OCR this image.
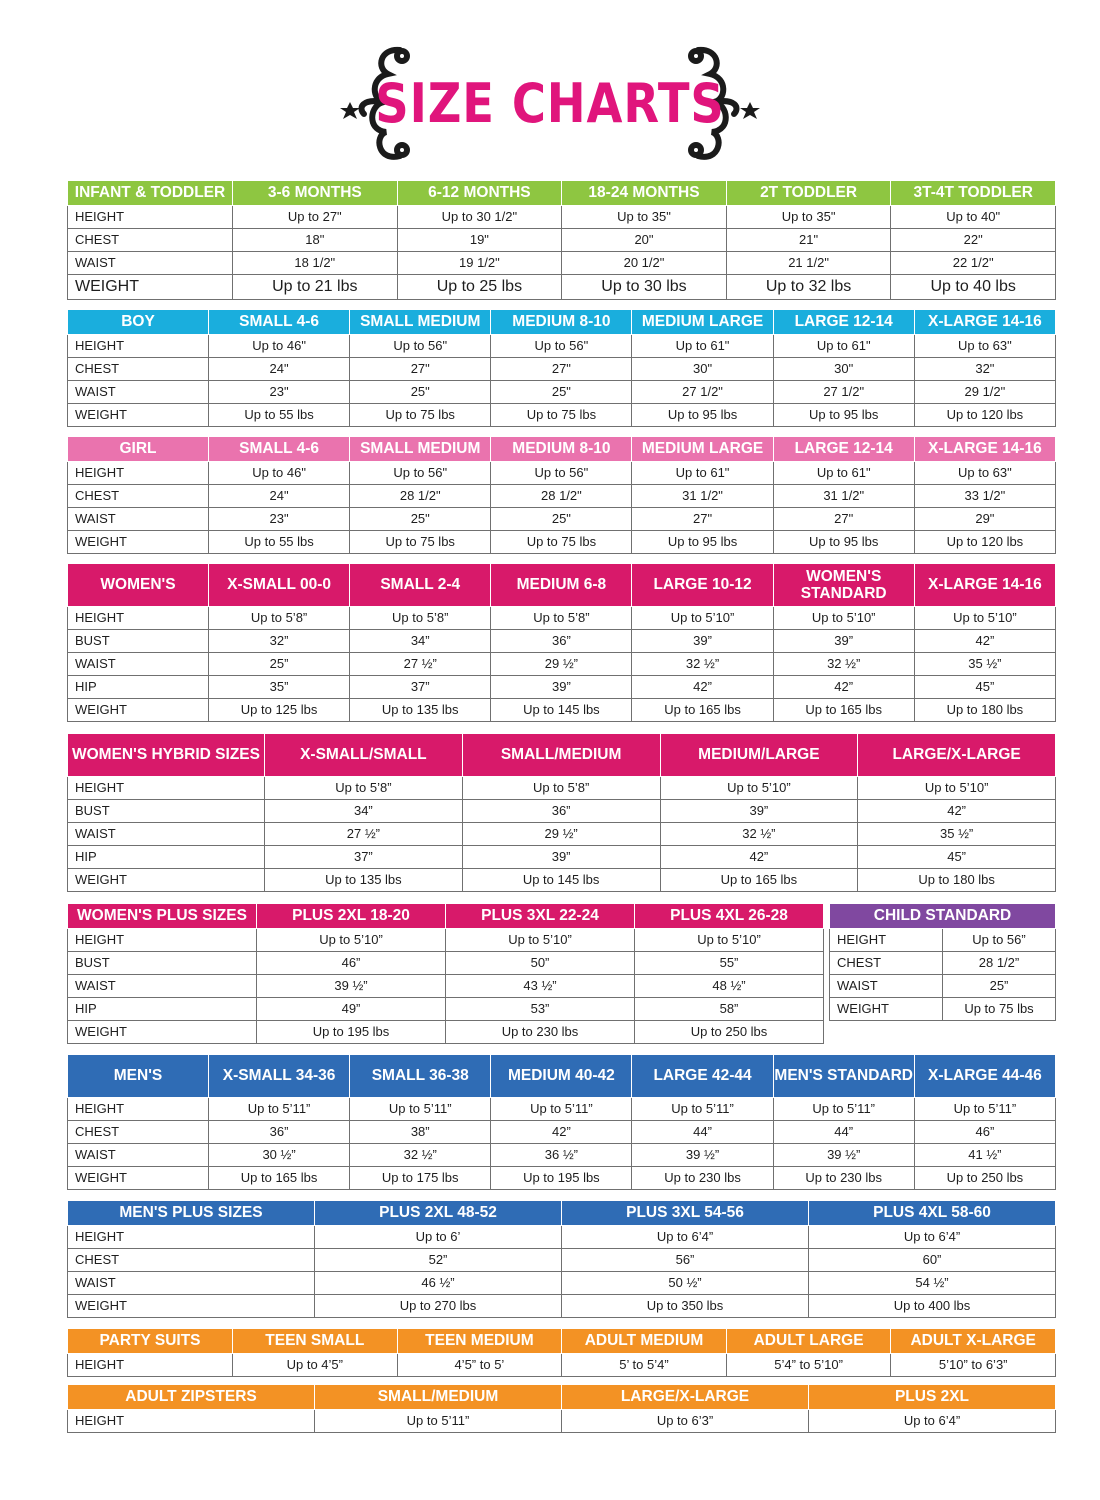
SIZE CHARTS
INFANT & TODDLER	3-6 MONTHS	6-12 MONTHS	18-24 MONTHS	2T TODDLER	3T-4T TODDLER
HEIGHT	Up to 27"	Up to 30 1/2"	Up to 35"	Up to 35"	Up to 40"
CHEST	18"	19"	20"	21"	22"
WAIST	18 1/2"	19 1/2"	20 1/2"	21 1/2"	22 1/2"
WEIGHT	Up to 21 lbs	Up to 25 lbs	Up to 30 lbs	Up to 32 lbs	Up to 40 lbs
BOY	SMALL 4-6	SMALL MEDIUM	MEDIUM 8-10	MEDIUM LARGE	LARGE 12-14	X-LARGE 14-16
HEIGHT	Up to 46"	Up to 56"	Up to 56"	Up to 61"	Up to 61"	Up to 63"
CHEST	24"	27"	27"	30"	30"	32"
WAIST	23"	25"	25"	27 1/2"	27 1/2"	29 1/2"
WEIGHT	Up to 55 lbs	Up to 75 lbs	Up to 75 lbs	Up to 95 lbs	Up to 95 lbs	Up to 120 lbs
GIRL	SMALL 4-6	SMALL MEDIUM	MEDIUM 8-10	MEDIUM LARGE	LARGE 12-14	X-LARGE 14-16
HEIGHT	Up to 46"	Up to 56"	Up to 56"	Up to 61"	Up to 61"	Up to 63"
CHEST	24"	28 1/2"	28 1/2"	31 1/2"	31 1/2"	33 1/2"
WAIST	23"	25"	25"	27"	27"	29"
WEIGHT	Up to 55 lbs	Up to 75 lbs	Up to 75 lbs	Up to 95 lbs	Up to 95 lbs	Up to 120 lbs
WOMEN'S	X-SMALL 00-0	SMALL 2-4	MEDIUM 6-8	LARGE 10-12	WOMEN'S STANDARD	X-LARGE 14-16
HEIGHT	Up to 5’8”	Up to 5’8”	Up to 5’8”	Up to 5’10”	Up to 5’10”	Up to 5’10”
BUST	32”	34”	36”	39”	39”	42”
WAIST	25”	27 ½”	29 ½”	32 ½”	32 ½”	35 ½”
HIP	35”	37”	39”	42”	42”	45”
WEIGHT	Up to 125 lbs	Up to 135 lbs	Up to 145 lbs	Up to 165 lbs	Up to 165 lbs	Up to 180 lbs
WOMEN'S HYBRID SIZES	X-SMALL/SMALL	SMALL/MEDIUM	MEDIUM/LARGE	LARGE/X-LARGE
HEIGHT	Up to 5’8”	Up to 5’8”	Up to 5’10”	Up to 5’10”
BUST	34”	36”	39”	42”
WAIST	27 ½”	29 ½”	32 ½”	35 ½”
HIP	37”	39”	42”	45”
WEIGHT	Up to 135 lbs	Up to 145 lbs	Up to 165 lbs	Up to 180 lbs
WOMEN'S PLUS SIZES	PLUS 2XL 18-20	PLUS 3XL 22-24	PLUS 4XL 26-28
HEIGHT	Up to 5’10”	Up to 5’10”	Up to 5’10”
BUST	46”	50”	55”
WAIST	39 ½”	43 ½”	48 ½”
HIP	49”	53”	58”
WEIGHT	Up to 195 lbs	Up to 230 lbs	Up to 250 lbs
CHILD STANDARD	
HEIGHT	Up to 56”
CHEST	28 1/2”
WAIST	25”
WEIGHT	Up to 75 lbs
MEN'S	X-SMALL 34-36	SMALL 36-38	MEDIUM 40-42	LARGE 42-44	MEN'S STANDARD	X-LARGE 44-46
HEIGHT	Up to 5’11”	Up to 5’11”	Up to 5’11”	Up to 5’11”	Up to 5’11”	Up to 5’11”
CHEST	36”	38”	42”	44”	44”	46”
WAIST	30 ½”	32 ½”	36 ½”	39 ½”	39 ½”	41 ½”
WEIGHT	Up to 165 lbs	Up to 175 lbs	Up to 195 lbs	Up to 230 lbs	Up to 230 lbs	Up to 250 lbs
MEN'S PLUS SIZES	PLUS 2XL 48-52	PLUS 3XL 54-56	PLUS 4XL 58-60
HEIGHT	Up to 6’	Up to 6’4”	Up to 6’4”
CHEST	52”	56”	60”
WAIST	46 ½”	50 ½”	54 ½”
WEIGHT	Up to 270 lbs	Up to 350 lbs	Up to 400 lbs
PARTY SUITS	TEEN SMALL	TEEN MEDIUM	ADULT MEDIUM	ADULT LARGE	ADULT X-LARGE
HEIGHT	Up to 4’5”	4’5” to 5’	5’ to 5’4”	5’4” to 5’10”	5’10” to 6’3”
ADULT ZIPSTERS	SMALL/MEDIUM	LARGE/X-LARGE	PLUS 2XL
HEIGHT	Up to 5’11”	Up to 6’3”	Up to 6’4”
